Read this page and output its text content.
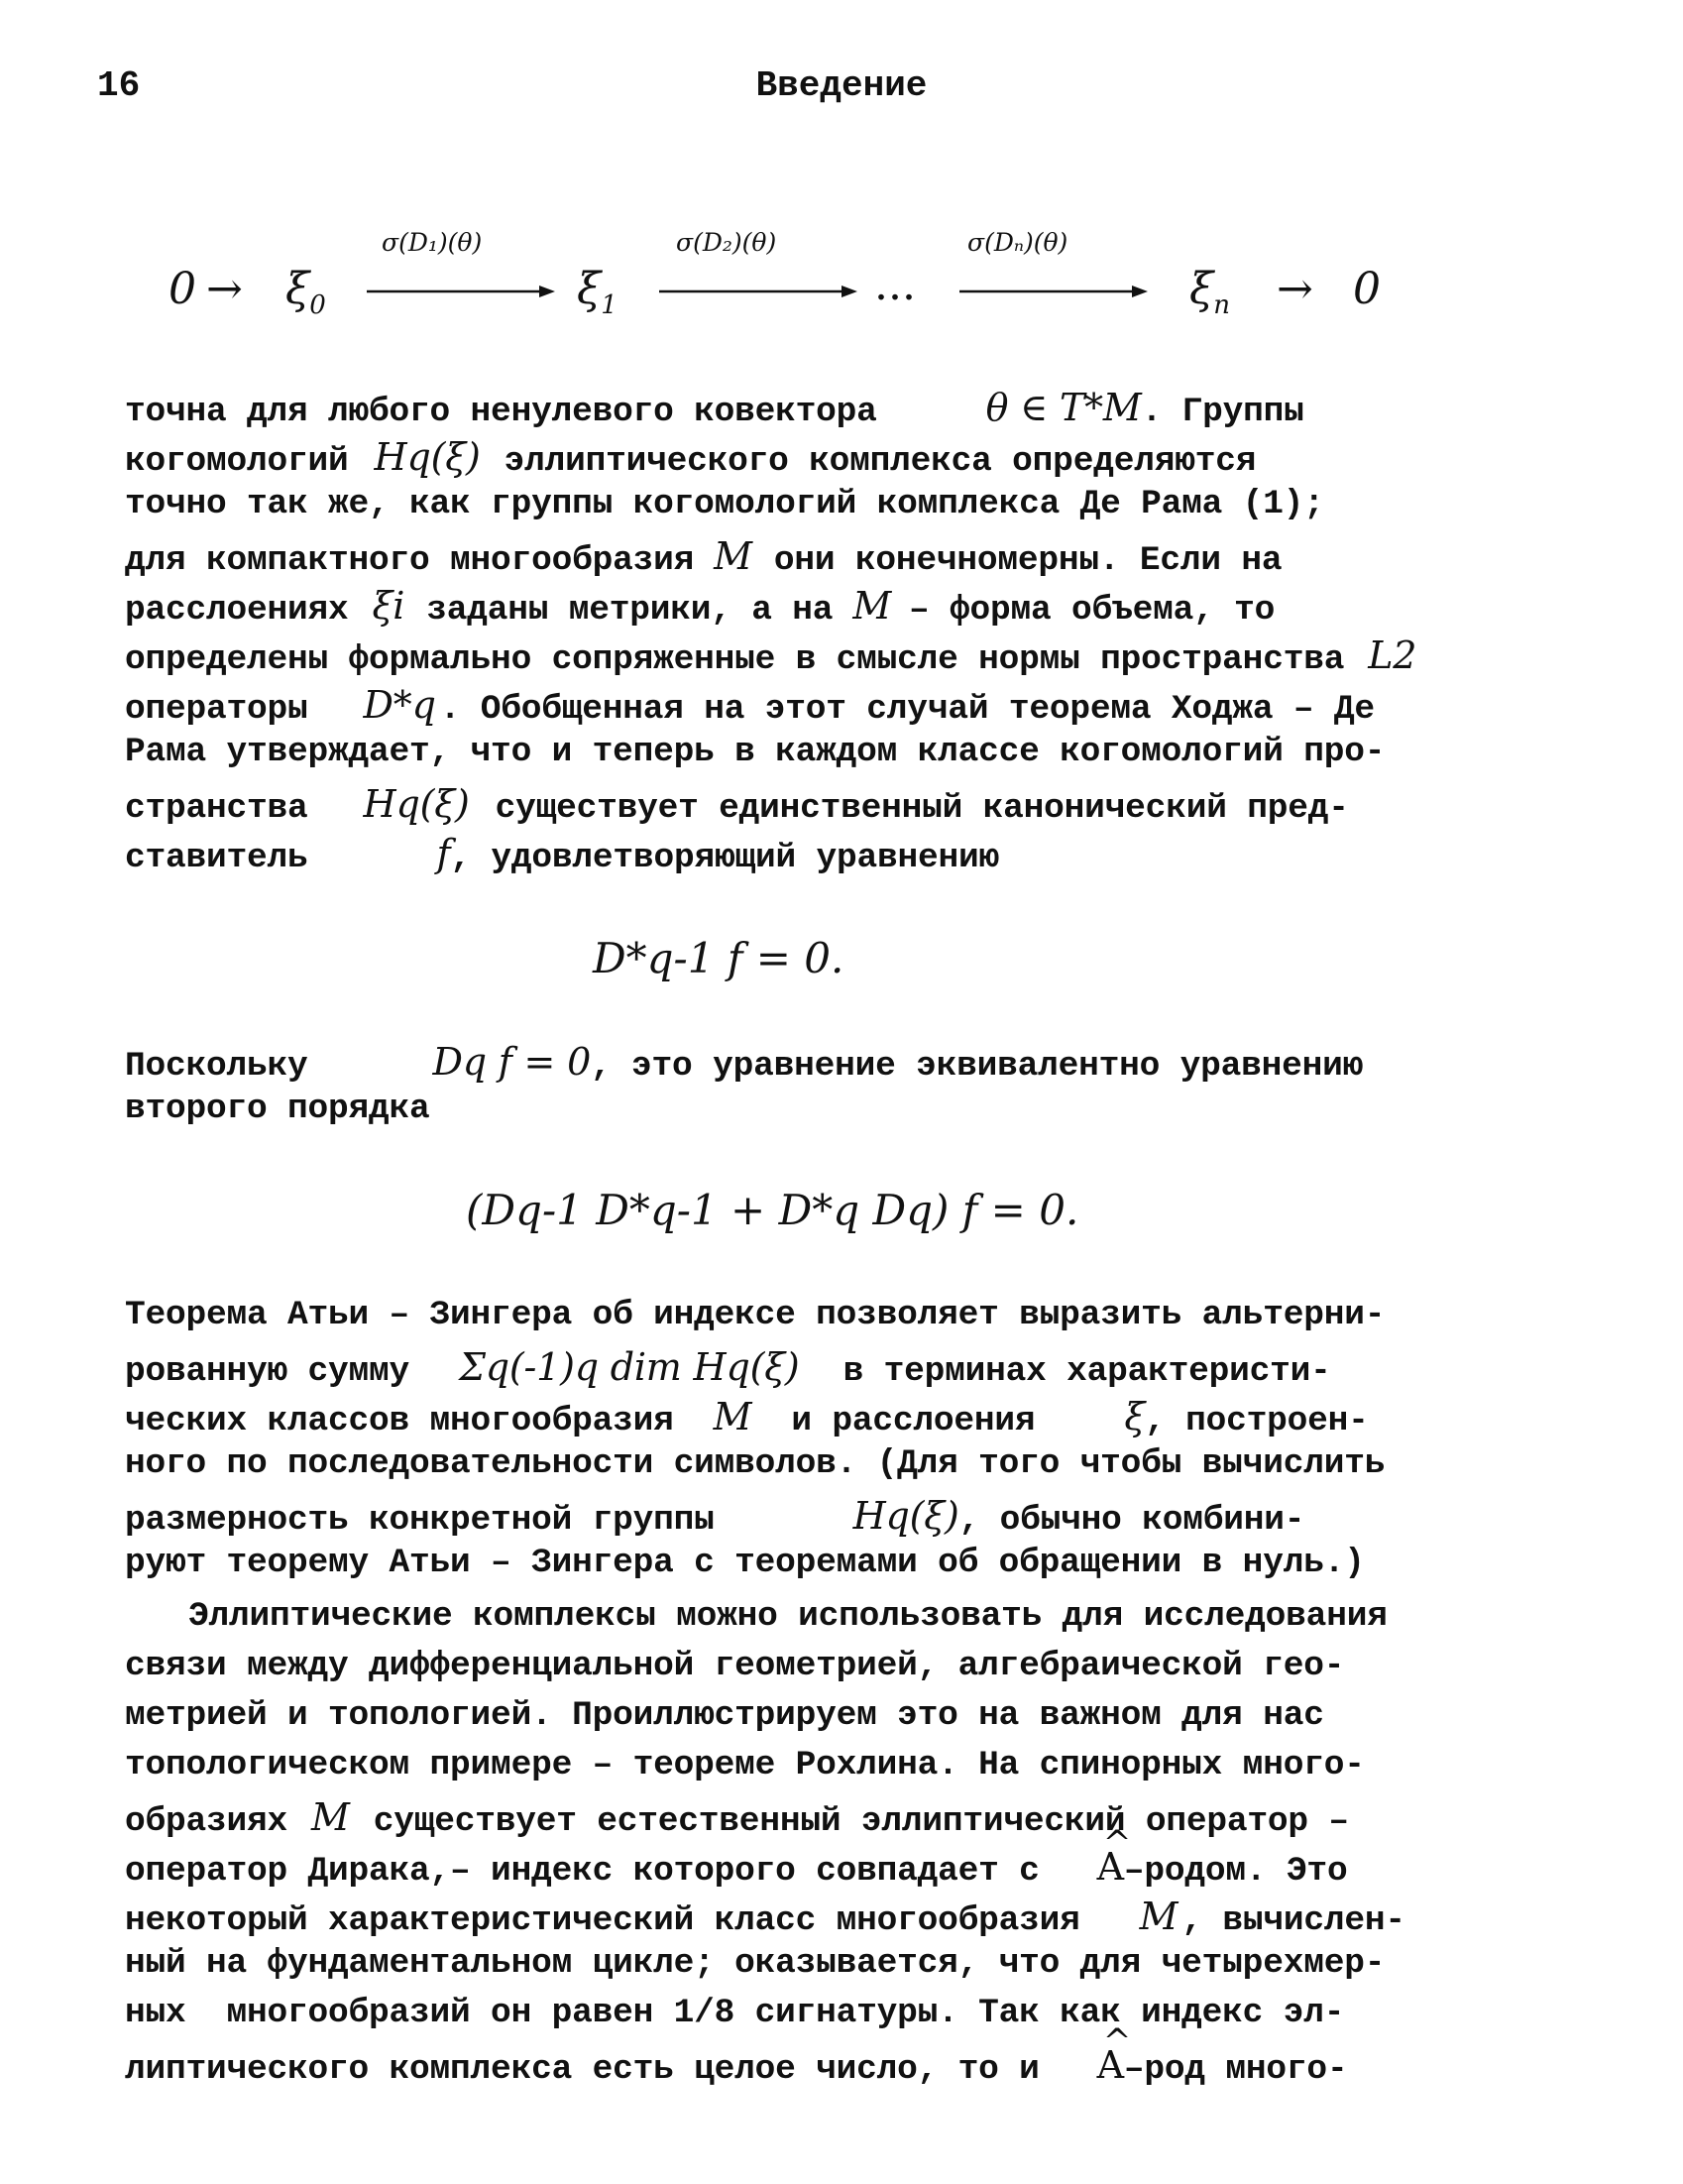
16	Введение
$0 \to \xi_0$
σ(D₁)(θ)
$\xi_1$
σ(D₂)(θ)
...
σ(Dₙ)(θ)
$\xi_n \to 0$
точна для любого ненулевого ковектора	θ ∈ T*M. Группы
когомологий Hq(ξ) эллиптического комплекса определяются
точно так же, как группы когомологий комплекса Де Рама (1);
для компактного многообразия M они конечномерны. Если на
расслоениях ξi заданы метрики, а на M – форма объема, то
определены формально сопряженные в смысле нормы пространства L2
операторы D*q . Обобщенная на этот случай теорема Ходжа – Де
Рама утверждает, что и теперь в каждом классе когомологий про-
странства Hq(ξ) существует единственный канонический пред-
ставитель	f, удовлетворяющий уравнению
D*q-1 f = 0.
Поскольку	Dq f = 0, это уравнение эквивалентно уравнению
второго порядка
(Dq-1 D*q-1 + D*q Dq) f = 0.
Теорема Атьи – Зингера об индексе позволяет выразить альтерни-
рованную сумму Σq(-1)q dim Hq(ξ) в терминах характеристи-
ческих классов многообразия M и расслоения ξ, построен-
ного по последовательности символов. (Для того чтобы вычислить
размерность конкретной группы	Hq(ξ), обычно комбини-
руют теорему Атьи – Зингера с теоремами об обращении в нуль.)
Эллиптические комплексы можно использовать для исследования
связи между дифференциальной геометрией, алгебраической гео-
метрией и топологией. Проиллюстрируем это на важном для нас
топологическом примере – теореме Рохлина. На спинорных много-
образиях M существует естественный эллиптический оператор –
оператор Дирака,– индекс которого совпадает с ^ A–родом. Это
некоторый характеристический класс многообразия M , вычислен-
ный на фундаментальном цикле; оказывается, что для четырехмер-
ных  многообразий он равен 1/8 сигнатуры. Так как индекс эл-
липтического комплекса есть целое число, то и ^ A–род много-
